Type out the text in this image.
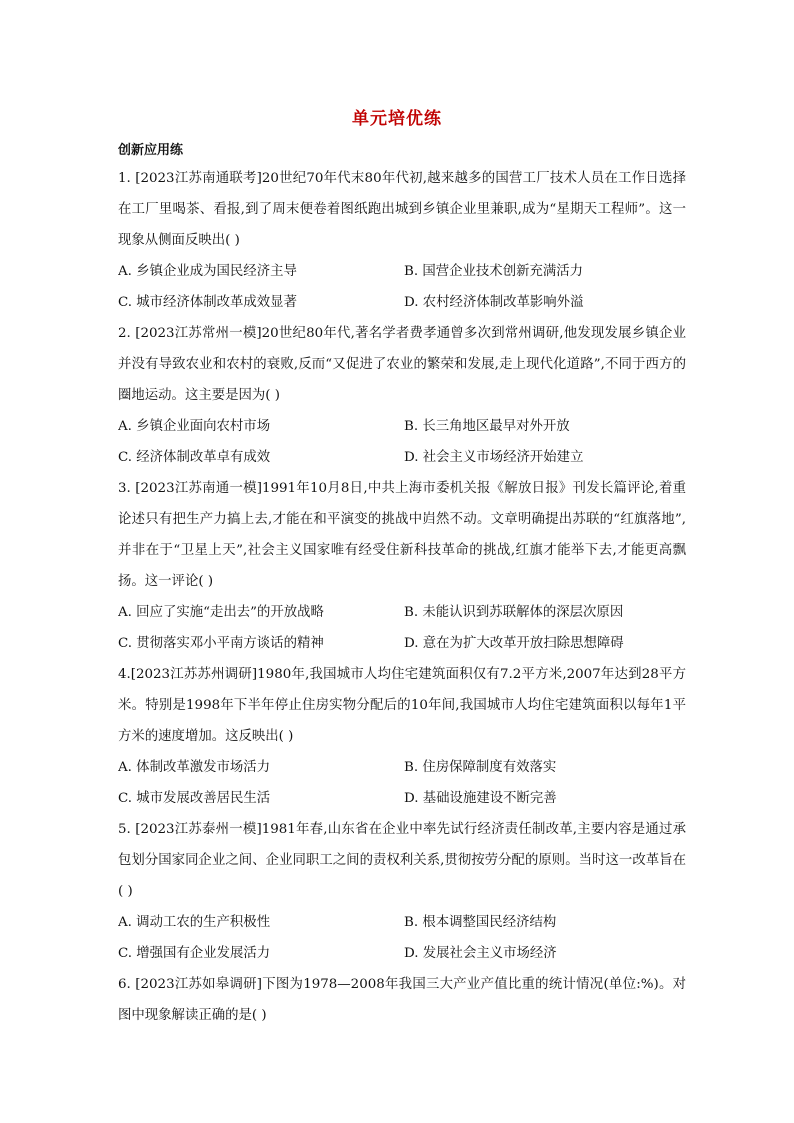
单元培优练
创新应用练

1. [2023江苏南通联考]20世纪70年代末80年代初,越来越多的国营工厂技术人员在工作日选择在工厂里喝茶、看报,到了周末便卷着图纸跑出城到乡镇企业里兼职,成为“星期天工程师”。这一现象从侧面反映出( )

A. 乡镇企业成为国民经济主导	B. 国营企业技术创新充满活力
C. 城市经济体制改革成效显著	D. 农村经济体制改革影响外溢

2. [2023江苏常州一模]20世纪80年代,著名学者费孝通曾多次到常州调研,他发现发展乡镇企业并没有导致农业和农村的衰败,反而“又促进了农业的繁荣和发展,走上现代化道路”,不同于西方的圈地运动。这主要是因为( )

A. 乡镇企业面向农村市场	B. 长三角地区最早对外开放
C. 经济体制改革卓有成效	D. 社会主义市场经济开始建立

3. [2023江苏南通一模]1991年10月8日,中共上海市委机关报《解放日报》刊发长篇评论,着重论述只有把生产力搞上去,才能在和平演变的挑战中岿然不动。文章明确提出苏联的“红旗落地”,并非在于“卫星上天”,社会主义国家唯有经受住新科技革命的挑战,红旗才能举下去,才能更高飘扬。这一评论( )

A. 回应了实施“走出去”的开放战略	B. 未能认识到苏联解体的深层次原因
C. 贯彻落实邓小平南方谈话的精神	D. 意在为扩大改革开放扫除思想障碍

4.[2023江苏苏州调研]1980年,我国城市人均住宅建筑面积仅有7.2平方米,2007年达到28平方米。特别是1998年下半年停止住房实物分配后的10年间,我国城市人均住宅建筑面积以每年1平方米的速度增加。这反映出( )

A. 体制改革激发市场活力	B. 住房保障制度有效落实
C. 城市发展改善居民生活	D. 基础设施建设不断完善

5. [2023江苏泰州一模]1981年春,山东省在企业中率先试行经济责任制改革,主要内容是通过承包划分国家同企业之间、企业同职工之间的责权利关系,贯彻按劳分配的原则。当时这一改革旨在( )

A. 调动工农的生产积极性	B. 根本调整国民经济结构
C. 增强国有企业发展活力	D. 发展社会主义市场经济

6. [2023江苏如皋调研]下图为1978—2008年我国三大产业产值比重的统计情况(单位:%)。对图中现象解读正确的是( )
